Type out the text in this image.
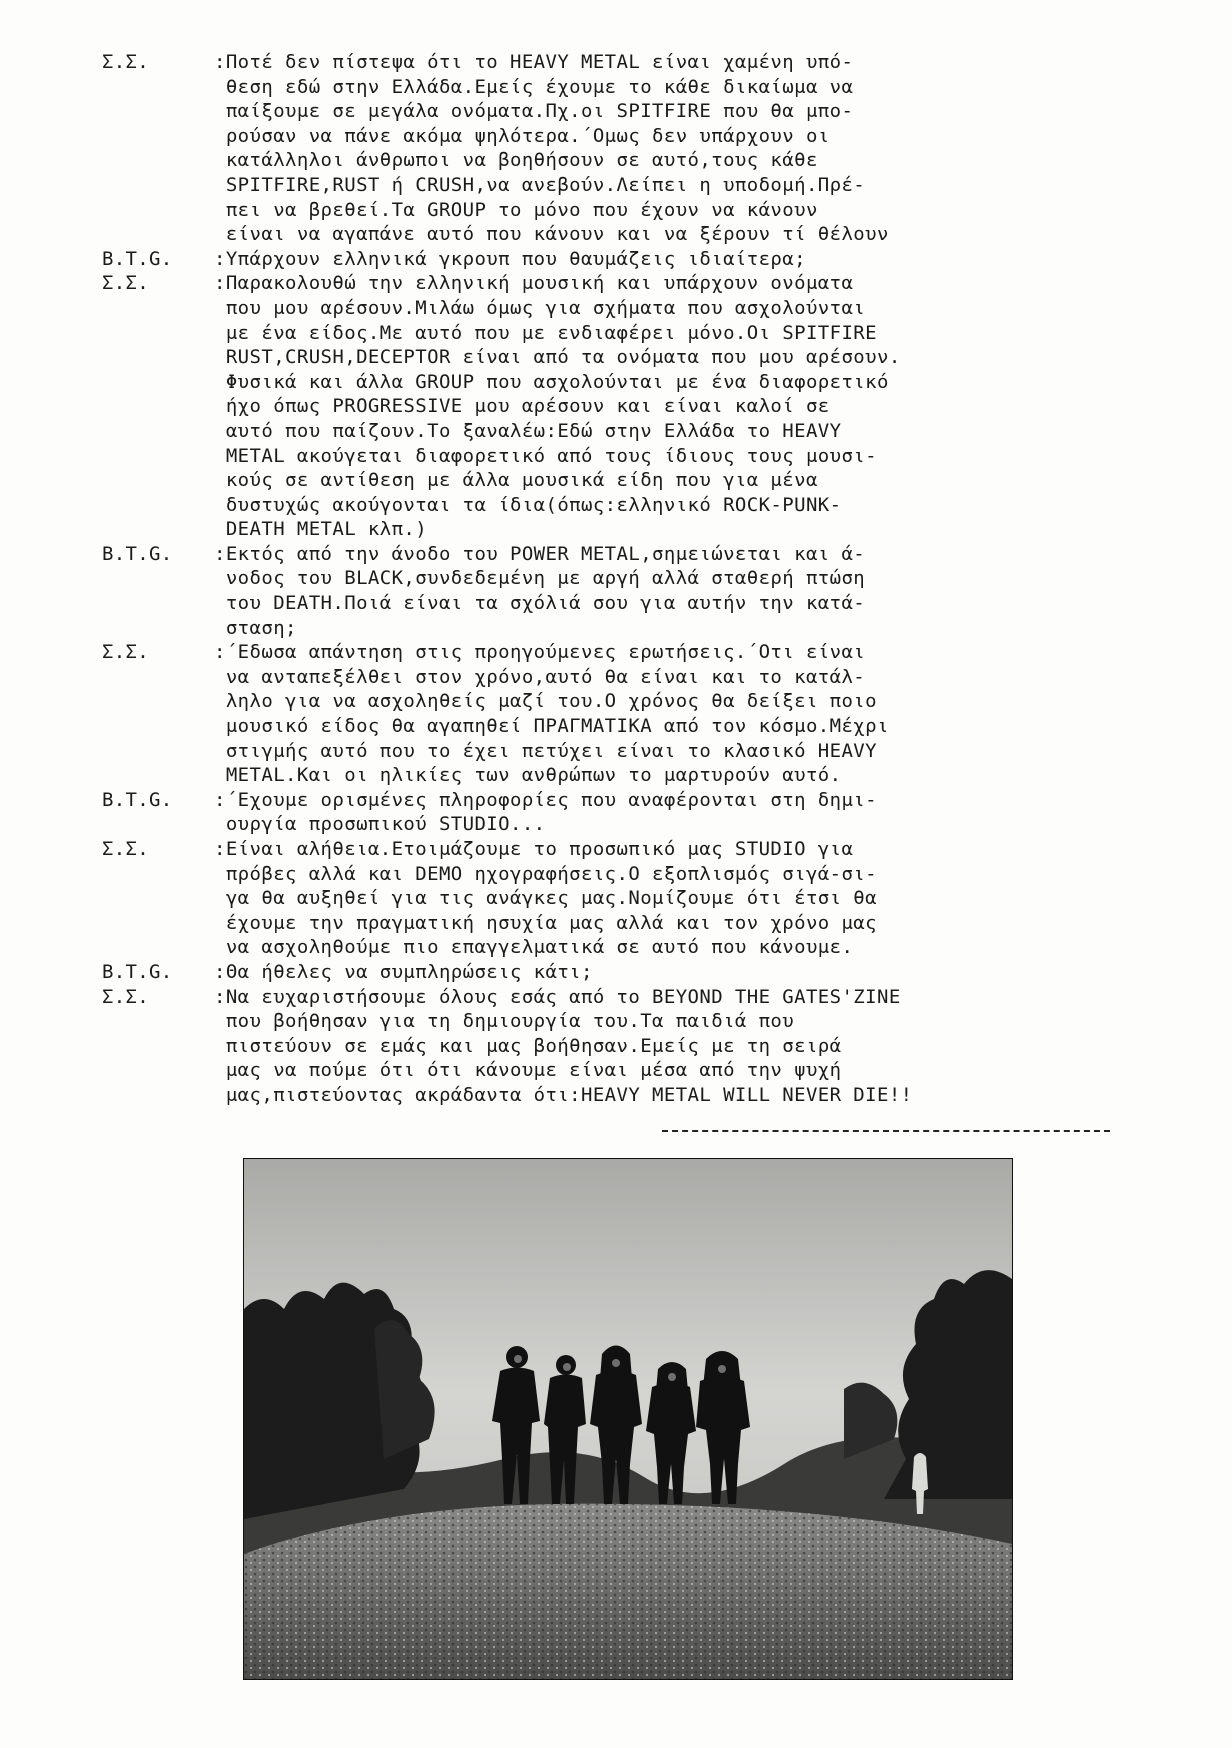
Σ.Σ.	:Ποτέ δεν πίστεψα ότι το HEAVY METAL είναι χαμένη υπό-
θεση εδώ στην Ελλάδα.Εμείς έχουμε το κάθε δικαίωμα να
παίξουμε σε μεγάλα ονόματα.Πχ.οι SPITFIRE που θα μπο-
ρούσαν να πάνε ακόμα ψηλότερα.΄Ομως δεν υπάρχουν οι
κατάλληλοι άνθρωποι να βοηθήσουν σε αυτό,τους κάθε
SPITFIRE,RUST ή CRUSH,να ανεβούν.Λείπει η υποδομή.Πρέ-
πει να βρεθεί.Τα GROUP το μόνο που έχουν να κάνουν
είναι να αγαπάνε αυτό που κάνουν και να ξέρουν τί θέλουν
B.T.G.	:Υπάρχουν ελληνικά γκρουπ που θαυμάζεις ιδιαίτερα;
Σ.Σ.	:Παρακολουθώ την ελληνική μουσική και υπάρχουν ονόματα
που μου αρέσουν.Μιλάω όμως για σχήματα που ασχολούνται
με ένα είδος.Με αυτό που με ενδιαφέρει μόνο.Οι SPITFIRE
RUST,CRUSH,DECEPTOR είναι από τα ονόματα που μου αρέσουν.
Φυσικά και άλλα GROUP που ασχολούνται με ένα διαφορετικό
ήχο όπως PROGRESSIVE μου αρέσουν και είναι καλοί σε
αυτό που παίζουν.Το ξαναλέω:Εδώ στην Ελλάδα το HEAVY
METAL ακούγεται διαφορετικό από τους ίδιους τους μουσι-
κούς σε αντίθεση με άλλα μουσικά είδη που για μένα
δυστυχώς ακούγονται τα ίδια(όπως:ελληνικό ROCK-PUNK-
DEATH METAL κλπ.)
B.T.G.	:Εκτός από την άνοδο του POWER METAL,σημειώνεται και ά-
νοδος του BLACK,συνδεδεμένη με αργή αλλά σταθερή πτώση
του DEATH.Ποιά είναι τα σχόλιά σου για αυτήν την κατά-
σταση;
Σ.Σ.	:΄Εδωσα απάντηση στις προηγούμενες ερωτήσεις.΄Οτι είναι
να ανταπεξέλθει στον χρόνο,αυτό θα είναι και το κατάλ-
ληλο για να ασχοληθείς μαζί του.Ο χρόνος θα δείξει ποιο
μουσικό είδος θα αγαπηθεί ΠΡΑΓΜΑΤΙΚΑ από τον κόσμο.Μέχρι
στιγμής αυτό που το έχει πετύχει είναι το κλασικό HEAVY
METAL.Και οι ηλικίες των ανθρώπων το μαρτυρούν αυτό.
B.T.G.	:΄Εχουμε ορισμένες πληροφορίες που αναφέρονται στη δημι-
ουργία προσωπικού STUDIO...
Σ.Σ.	:Είναι αλήθεια.Ετοιμάζουμε το προσωπικό μας STUDIO για
πρόβες αλλά και DEMO ηχογραφήσεις.Ο εξοπλισμός σιγά-σι-
γα θα αυξηθεί για τις ανάγκες μας.Νομίζουμε ότι έτσι θα
έχουμε την πραγματική ησυχία μας αλλά και τον χρόνο μας
να ασχοληθούμε πιο επαγγελματικά σε αυτό που κάνουμε.
B.T.G.	:Θα ήθελες να συμπληρώσεις κάτι;
Σ.Σ.	:Να ευχαριστήσουμε όλους εσάς από το BEYOND THE GATES'ZINE
που βοήθησαν για τη δημιουργία του.Τα παιδιά που
πιστεύουν σε εμάς και μας βοήθησαν.Εμείς με τη σειρά
μας να πούμε ότι ότι κάνουμε είναι μέσα από την ψυχή
μας,πιστεύοντας ακράδαντα ότι:HEAVY METAL WILL NEVER DIE!!
